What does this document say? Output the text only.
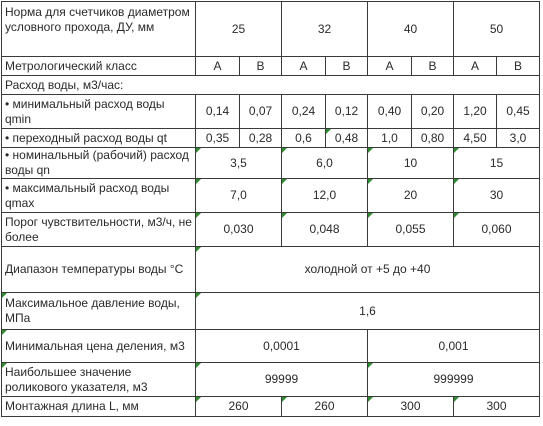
Норма для счетчиков диаметром условного прохода, ДУ, мм	25		32		40		50	
Метрологический класс	A	B	A	B	A	B	A	B
Расход воды, м3/час:								
• минимальный расход воды qmin	0,14	0,07	0,24	0,12	0,40	0,20	1,20	0,45
• переходный расход воды qt	0,35	0,28	0,6	0,48	1,0	0,80	4,50	3,0
• номинальный (рабочий) расход воды qn	3,5		6,0		10		15	
• максимальный расход воды qmax	7,0		12,0		20		30	
Порог чувствительности, м3/ч, не более	0,030		0,048		0,055		0,060	
Диапазон температуры воды °С	холодной от +5 до +40							
Максимальное давление воды, МПа	1,6							
Минимальная цена деления, м3	0,0001				0,001			
Наибольшее значение роликового указателя, м3	99999				999999			
Монтажная длина L, мм	260		260		300		300	
